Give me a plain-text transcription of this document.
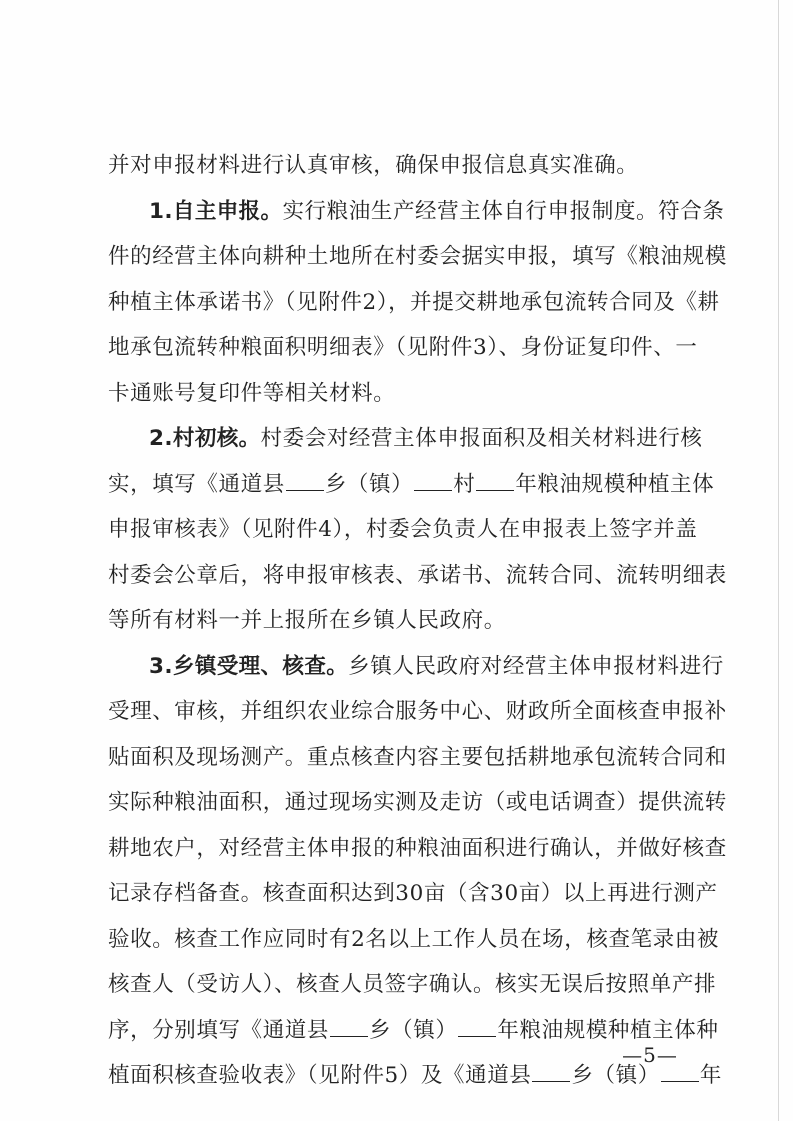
并对申报材料进行认真审核，确保申报信息真实准确。
1.自主申报。实行粮油生产经营主体自行申报制度。符合条
件的经营主体向耕种土地所在村委会据实申报，填写《粮油规模
种植主体承诺书》（见附件2），并提交耕地承包流转合同及《耕
地承包流转种粮面积明细表》（见附件3）、身份证复印件、一
卡通账号复印件等相关材料。
2.村初核。村委会对经营主体申报面积及相关材料进行核
实，填写《通道县 乡（镇） 村 年粮油规模种植主体
申报审核表》（见附件4），村委会负责人在申报表上签字并盖
村委会公章后，将申报审核表、承诺书、流转合同、流转明细表
等所有材料一并上报所在乡镇人民政府。
3.乡镇受理、核查。乡镇人民政府对经营主体申报材料进行
受理、审核，并组织农业综合服务中心、财政所全面核查申报补
贴面积及现场测产。重点核查内容主要包括耕地承包流转合同和
实际种粮油面积，通过现场实测及走访（或电话调查）提供流转
耕地农户，对经营主体申报的种粮油面积进行确认，并做好核查
记录存档备查。核查面积达到30亩（含30亩）以上再进行测产
验收。核查工作应同时有2名以上工作人员在场，核查笔录由被
核查人（受访人）、核查人员签字确认。核实无误后按照单产排
序，分别填写《通道县 乡（镇） 年粮油规模种植主体种
植面积核查验收表》（见附件5）及《通道县 乡（镇） 年
—5—
